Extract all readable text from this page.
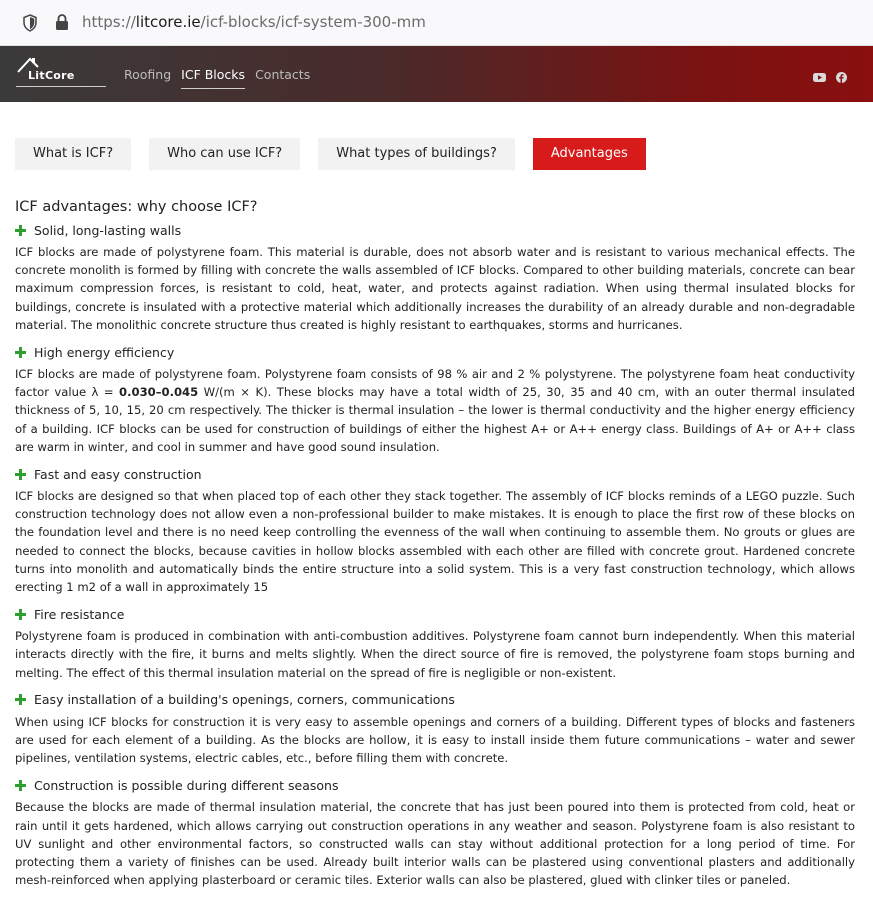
https://litcore.ie/icf-blocks/icf-system-300-mm
LitCore	Roofing ICF Blocks Contacts
What is ICF?	Who can use ICF?	What types of buildings?	Advantages
ICF advantages: why choose ICF?
Solid, long-lasting walls

ICF blocks are made of polystyrene foam. This material is durable, does not absorb water and is resistant to various mechanical effects. The concrete monolith is formed by filling with concrete the walls assembled of ICF blocks. Compared to other building materials, concrete can bear maximum compression forces, is resistant to cold, heat, water, and protects against radiation. When using thermal insulated blocks for buildings, concrete is insulated with a protective material which additionally increases the durability of an already durable and non-degradable material. The monolithic concrete structure thus created is highly resistant to earthquakes, storms and hurricanes.

High energy efficiency

ICF blocks are made of polystyrene foam. Polystyrene foam consists of 98 % air and 2 % polystyrene. The polystyrene foam heat conductivity factor value λ = 0.030–0.045 W/(m × K). These blocks may have a total width of 25, 30, 35 and 40 cm, with an outer thermal insulated thickness of 5, 10, 15, 20 cm respectively. The thicker is thermal insulation – the lower is thermal conductivity and the higher energy efficiency of a building. ICF blocks can be used for construction of buildings of either the highest A+ or A++ energy class. Buildings of A+ or A++ class are warm in winter, and cool in summer and have good sound insulation.

Fast and easy construction

ICF blocks are designed so that when placed top of each other they stack together. The assembly of ICF blocks reminds of a LEGO puzzle. Such construction technology does not allow even a non-professional builder to make mistakes. It is enough to place the first row of these blocks on the foundation level and there is no need keep controlling the evenness of the wall when continuing to assemble them. No grouts or glues are needed to connect the blocks, because cavities in hollow blocks assembled with each other are filled with concrete grout. Hardened concrete turns into monolith and automatically binds the entire structure into a solid system. This is a very fast construction technology, which allows erecting 1 m2 of a wall in approximately 15

Fire resistance

Polystyrene foam is produced in combination with anti-combustion additives. Polystyrene foam cannot burn independently. When this material interacts directly with the fire, it burns and melts slightly. When the direct source of fire is removed, the polystyrene foam stops burning and melting. The effect of this thermal insulation material on the spread of fire is negligible or non-existent.

Easy installation of a building's openings, corners, communications

When using ICF blocks for construction it is very easy to assemble openings and corners of a building. Different types of blocks and fasteners are used for each element of a building. As the blocks are hollow, it is easy to install inside them future communications – water and sewer pipelines, ventilation systems, electric cables, etc., before filling them with concrete.

Construction is possible during different seasons

Because the blocks are made of thermal insulation material, the concrete that has just been poured into them is protected from cold, heat or rain until it gets hardened, which allows carrying out construction operations in any weather and season. Polystyrene foam is also resistant to UV sunlight and other environmental factors, so constructed walls can stay without additional protection for a long period of time. For protecting them a variety of finishes can be used. Already built interior walls can be plastered using conventional plasters and additionally mesh-reinforced when applying plasterboard or ceramic tiles. Exterior walls can also be plastered, glued with clinker tiles or paneled.
